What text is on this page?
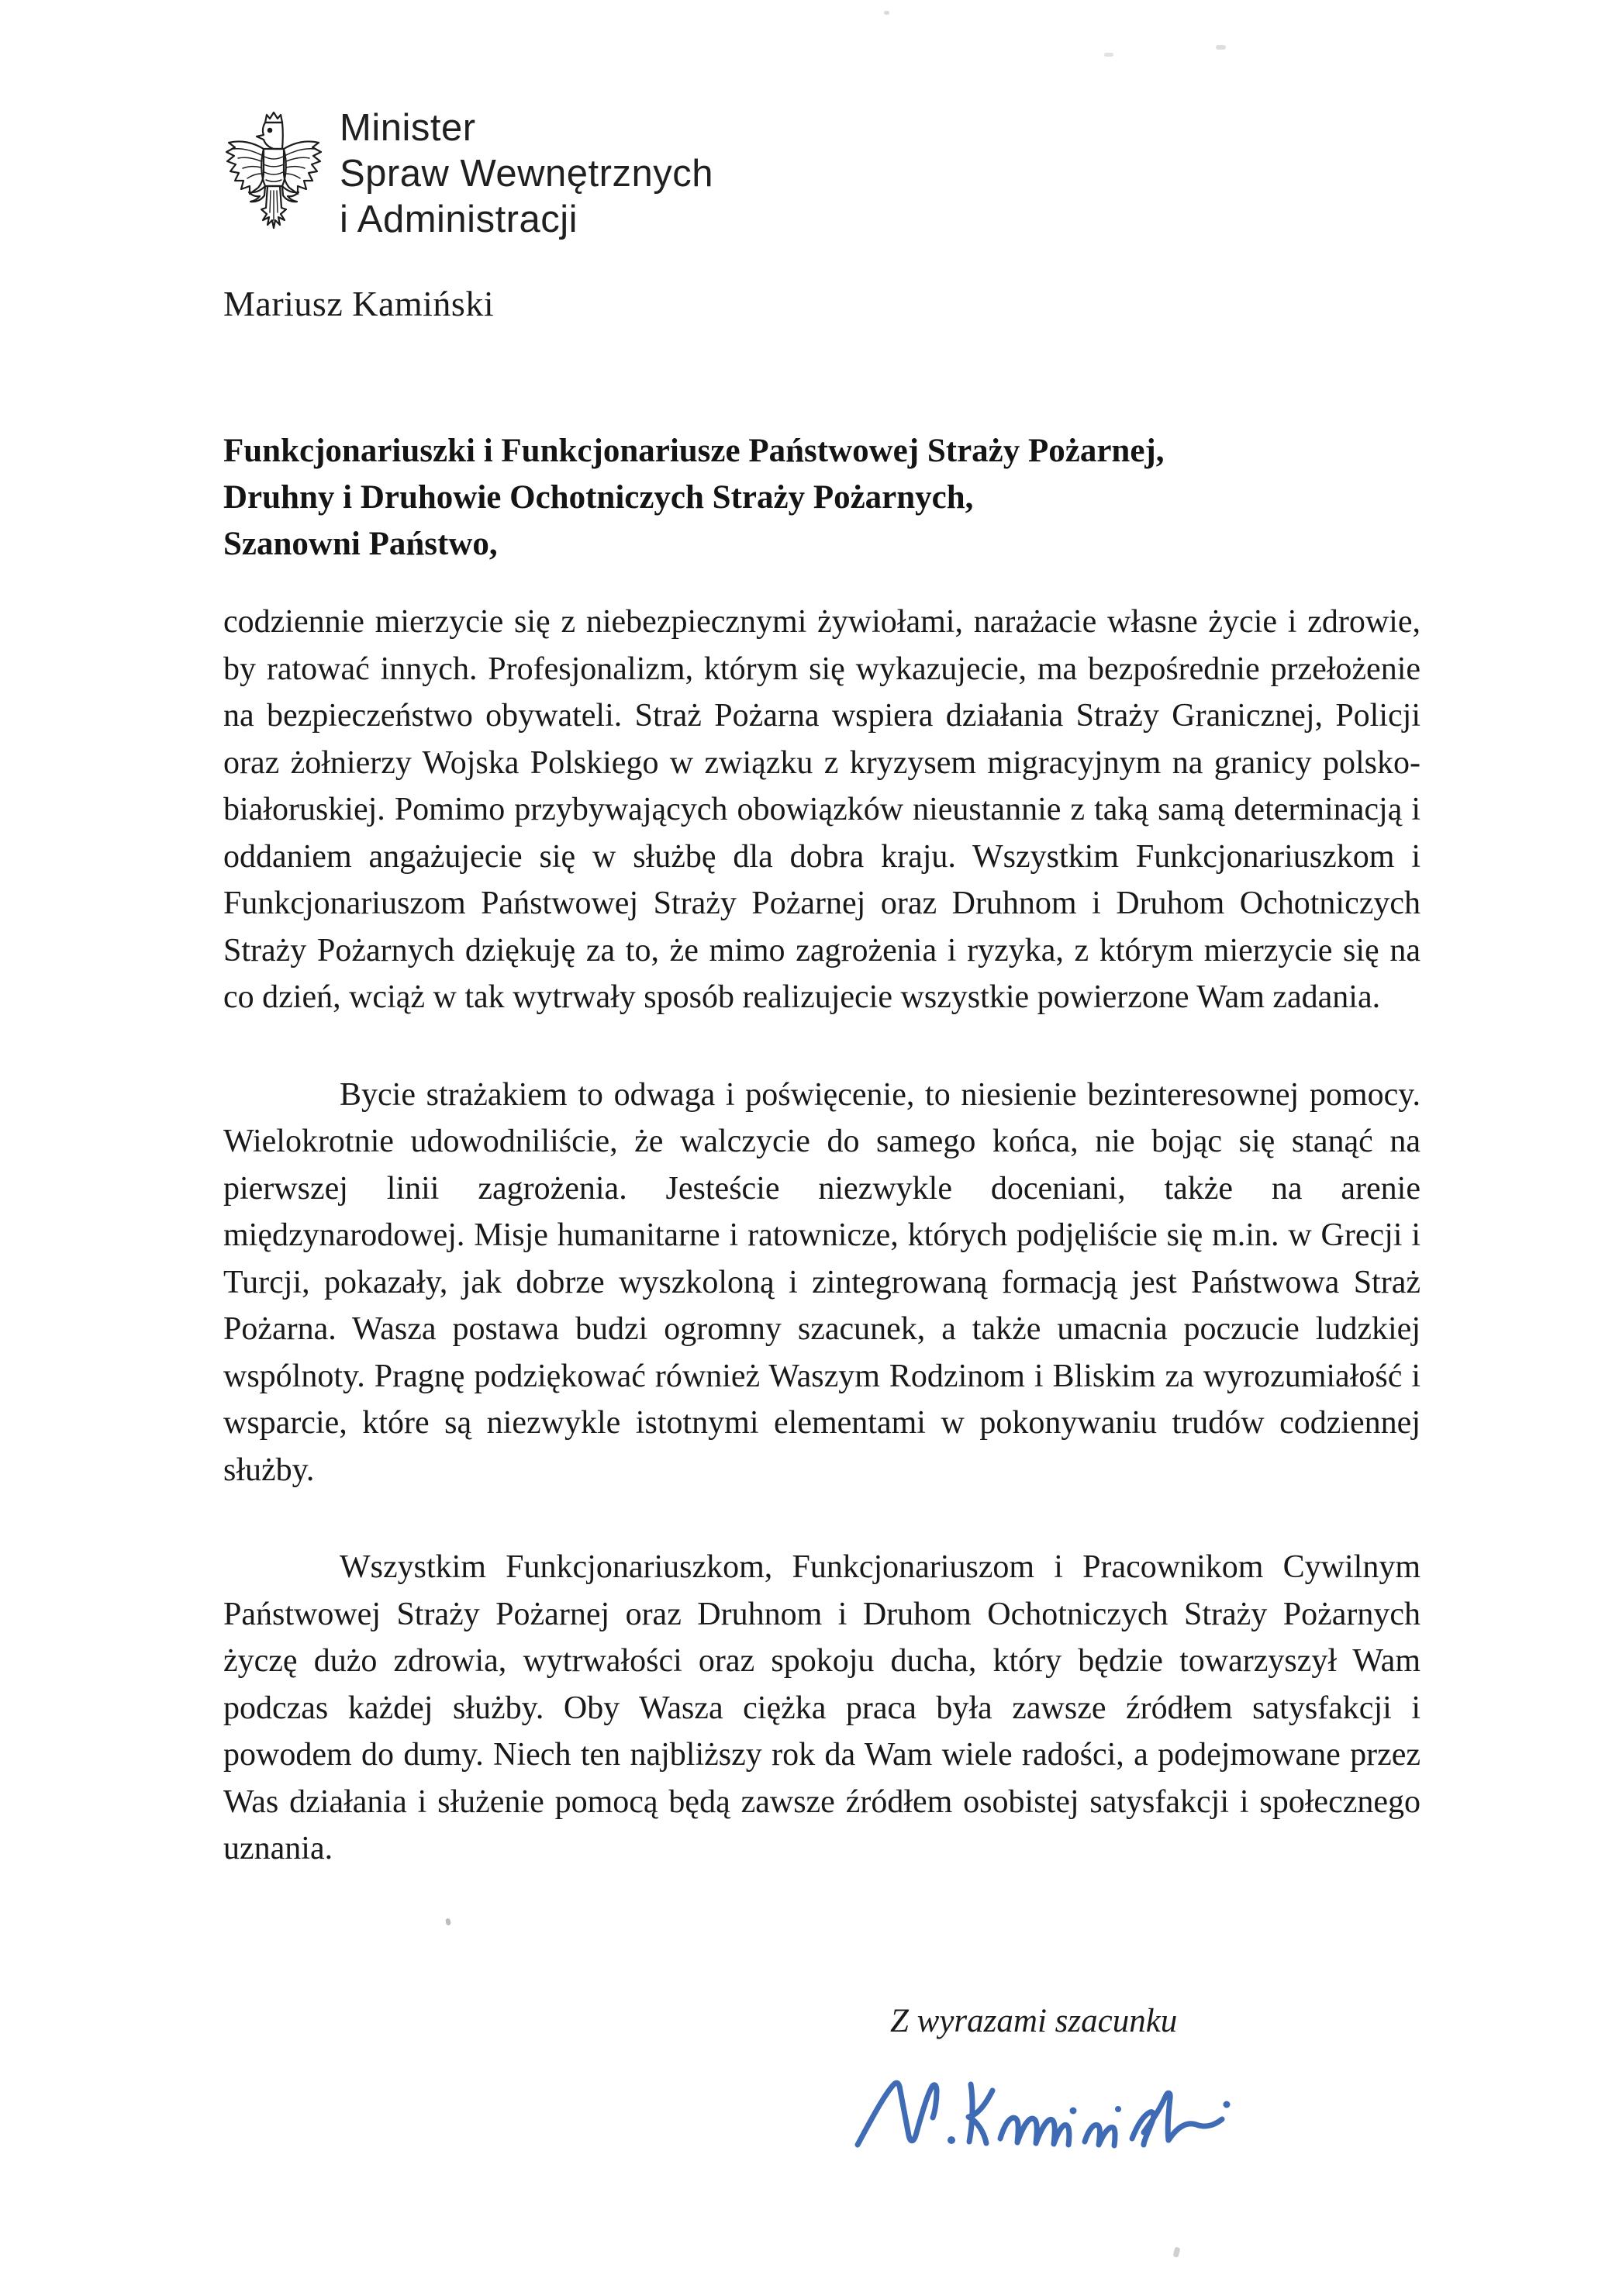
Minister
Spraw Wewnętrznych
i Administracji
Mariusz Kamiński
Funkcjonariuszki i Funkcjonariusze Państwowej Straży Pożarnej,
Druhny i Druhowie Ochotniczych Straży Pożarnych,
Szanowni Państwo,

codziennie mierzycie się z niebezpiecznymi żywiołami, narażacie własne życie i zdrowie, by ratować innych. Profesjonalizm, którym się wykazujecie, ma bezpośrednie przełożenie na bezpieczeństwo obywateli. Straż Pożarna wspiera działania Straży Granicznej, Policji oraz żołnierzy Wojska Polskiego w związku z kryzysem migracyjnym na granicy polsko-białoruskiej. Pomimo przybywających obowiązków nieustannie z taką samą determinacją i oddaniem angażujecie się w służbę dla dobra kraju. Wszystkim Funkcjonariuszkom i Funkcjonariuszom Państwowej Straży Pożarnej oraz Druhnom i Druhom Ochotniczych Straży Pożarnych dziękuję za to, że mimo zagrożenia i ryzyka, z którym mierzycie się na co dzień, wciąż w tak wytrwały sposób realizujecie wszystkie powierzone Wam zadania.

Bycie strażakiem to odwaga i poświęcenie, to niesienie bezinteresownej pomocy. Wielokrotnie udowodniliście, że walczycie do samego końca, nie bojąc się stanąć na pierwszej linii zagrożenia. Jesteście niezwykle doceniani, także na arenie międzynarodowej. Misje humanitarne i ratownicze, których podjęliście się m.in. w Grecji i Turcji, pokazały, jak dobrze wyszkoloną i zintegrowaną formacją jest Państwowa Straż Pożarna. Wasza postawa budzi ogromny szacunek, a także umacnia poczucie ludzkiej wspólnoty. Pragnę podziękować również Waszym Rodzinom i Bliskim za wyrozumiałość i wsparcie, które są niezwykle istotnymi elementami w pokonywaniu trudów codziennej służby.

Wszystkim Funkcjonariuszkom, Funkcjonariuszom i Pracownikom Cywilnym Państwowej Straży Pożarnej oraz Druhnom i Druhom Ochotniczych Straży Pożarnych życzę dużo zdrowia, wytrwałości oraz spokoju ducha, który będzie towarzyszył Wam podczas każdej służby. Oby Wasza ciężka praca była zawsze źródłem satysfakcji i powodem do dumy. Niech ten najbliższy rok da Wam wiele radości, a podejmowane przez Was działania i służenie pomocą będą zawsze źródłem osobistej satysfakcji i społecznego uznania.

Z wyrazami szacunku
